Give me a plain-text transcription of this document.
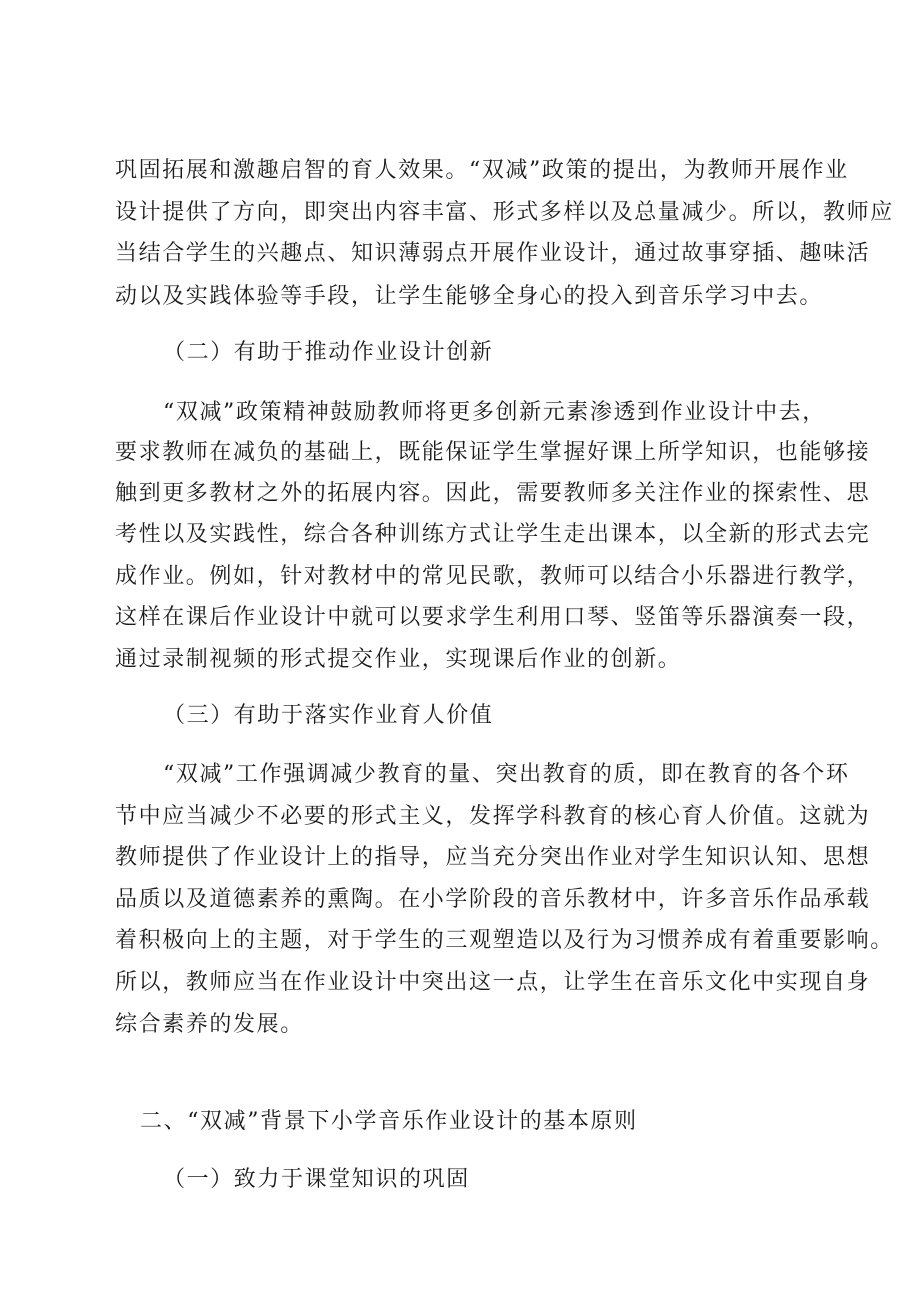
巩固拓展和激趣启智的育人效果。“双减”政策的提出，为教师开展作业
设计提供了方向，即突出内容丰富、形式多样以及总量减少。所以，教师应
当结合学生的兴趣点、知识薄弱点开展作业设计，通过故事穿插、趣味活
动以及实践体验等手段，让学生能够全身心的投入到音乐学习中去。
（二）有助于推动作业设计创新
“双减”政策精神鼓励教师将更多创新元素渗透到作业设计中去，
要求教师在减负的基础上，既能保证学生掌握好课上所学知识，也能够接
触到更多教材之外的拓展内容。因此，需要教师多关注作业的探索性、思
考性以及实践性，综合各种训练方式让学生走出课本，以全新的形式去完
成作业。例如，针对教材中的常见民歌，教师可以结合小乐器进行教学，
这样在课后作业设计中就可以要求学生利用口琴、竖笛等乐器演奏一段，
通过录制视频的形式提交作业，实现课后作业的创新。
（三）有助于落实作业育人价值
“双减”工作强调减少教育的量、突出教育的质，即在教育的各个环
节中应当减少不必要的形式主义，发挥学科教育的核心育人价值。这就为
教师提供了作业设计上的指导，应当充分突出作业对学生知识认知、思想
品质以及道德素养的熏陶。在小学阶段的音乐教材中，许多音乐作品承载
着积极向上的主题，对于学生的三观塑造以及行为习惯养成有着重要影响。
所以，教师应当在作业设计中突出这一点，让学生在音乐文化中实现自身
综合素养的发展。
二、“双减”背景下小学音乐作业设计的基本原则
（一）致力于课堂知识的巩固
